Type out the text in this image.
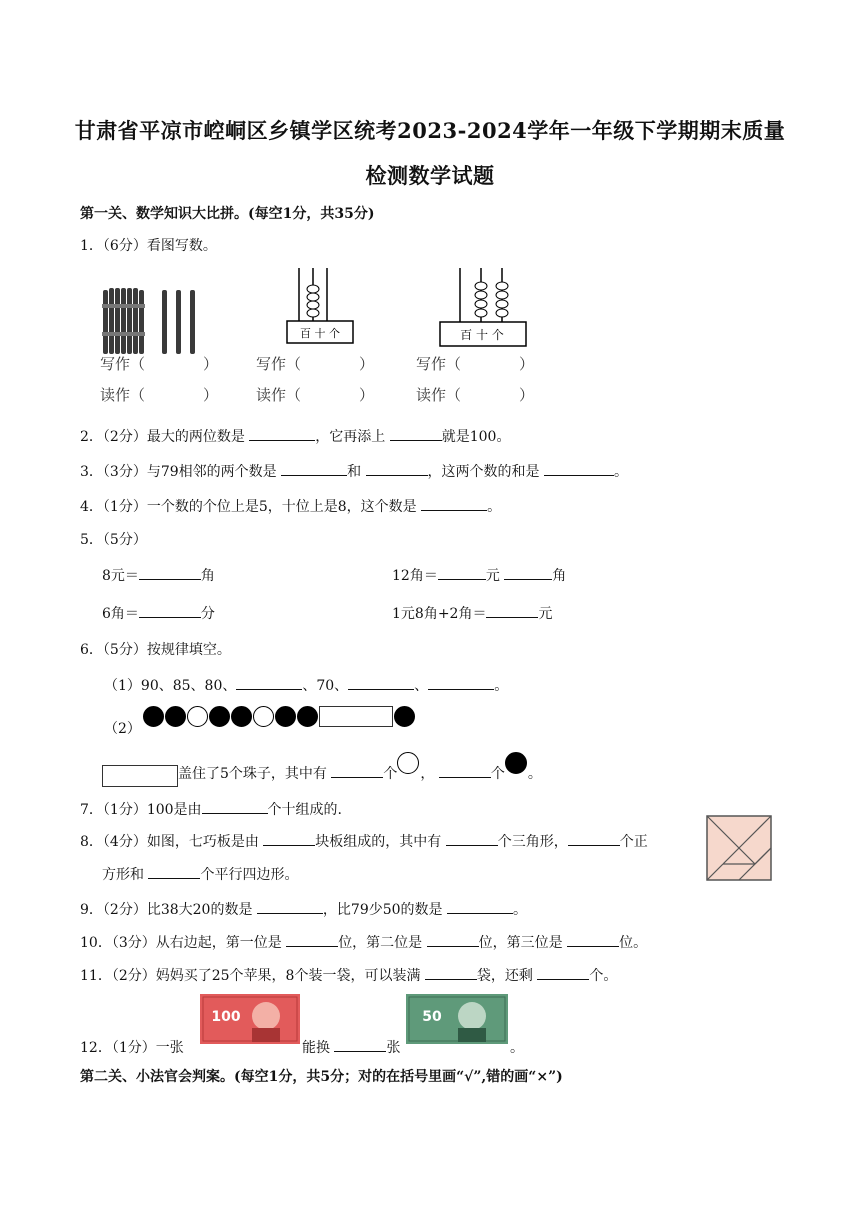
甘肃省平凉市崆峒区乡镇学区统考2023-2024学年一年级下学期期末质量
检测数学试题
第一关、数学知识大比拼。(每空1分，共35分)
1．（6分）看图写数。
百 十 个	百 十 个
写作（	）
读作（	）
写作（	）
读作（	）
写作（	）
读作（	）
2．（2分）最大的两位数是	，它再添上	就是100。
3．（3分）与79相邻的两个数是	和	，这两个数的和是	。
4．（1分）一个数的个位上是5，十位上是8，这个数是	。
5．（5分）
8元＝	角	12角＝	元	角
6角＝	分	1元8角+2角＝	元
6．（5分）按规律填空。
（1）90、85、80、	、70、	、	。
（2）
盖住了5个珠子，其中有	个 ，	个 。
7．（1分）100是由	个十组成的.
8．（4分）如图，七巧板是由	块板组成的，其中有	个三角形，	个正
方形和	个平行四边形。
9．（2分）比38大20的数是	，比79少50的数是	。
10．（3分）从右边起，第一位是	位，第二位是	位，第三位是	位。
11．（2分）妈妈买了25个苹果，8个装一袋，可以装满	袋，还剩	个。
12．（1分）一张
100
能换	张
50
。
第二关、小法官会判案。(每空1分，共5分；对的在括号里画“√”,错的画“×”)
